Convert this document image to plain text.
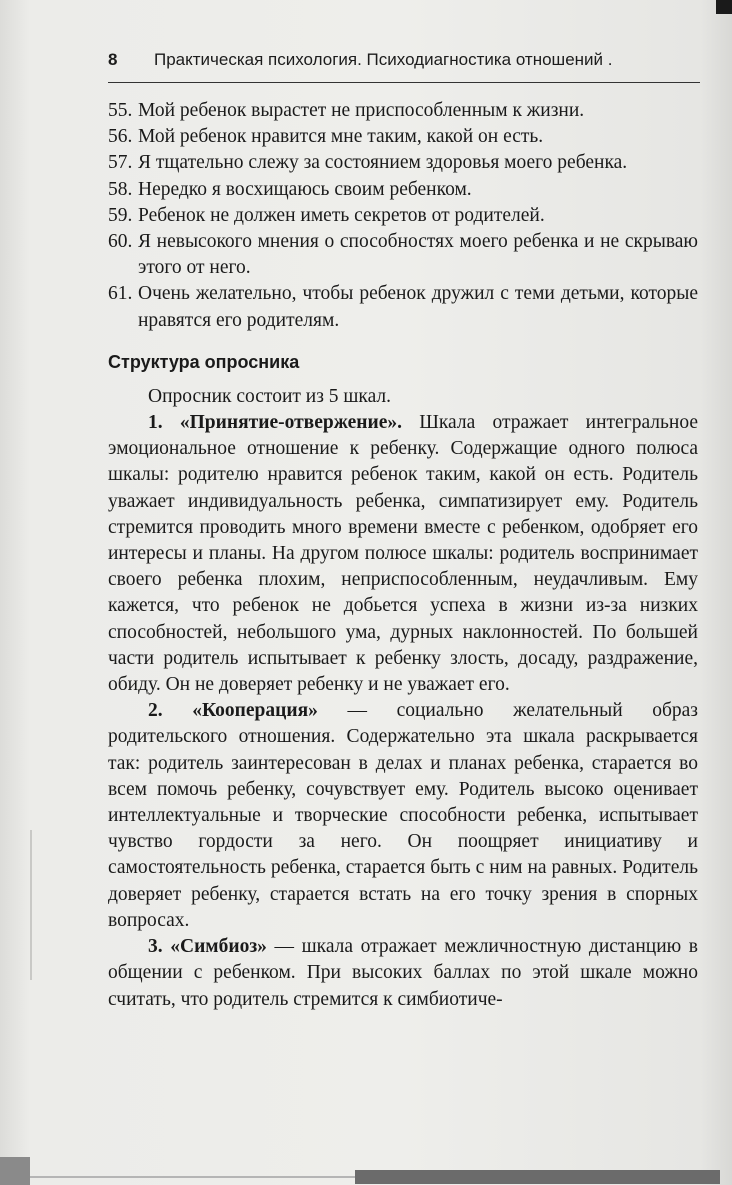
8 Практическая психология. Психодиагностика отношений .
55. Мой ребенок вырастет не приспособленным к жизни.
56. Мой ребенок нравится мне таким, какой он есть.
57. Я тщательно слежу за состоянием здоровья моего ребенка.
58. Нередко я восхищаюсь своим ребенком.
59. Ребенок не должен иметь секретов от родителей.
60. Я невысокого мнения о способностях моего ребенка и не скрываю этого от него.
61. Очень желательно, чтобы ребенок дружил с теми детьми, которые нравятся его родителям.
Структура опросника

Опросник состоит из 5 шкал.

1. «Принятие-отвержение». Шкала отражает интегральное эмоциональное отношение к ребенку. Содержащие одного полюса шкалы: родителю нравится ребенок таким, какой он есть. Родитель уважает индивидуальность ребенка, симпатизирует ему. Родитель стремится проводить много времени вместе с ребенком, одобряет его интересы и планы. На другом полюсе шкалы: родитель воспринимает своего ребенка плохим, неприспособленным, неудачливым. Ему кажется, что ребенок не добьется успеха в жизни из-за низких способностей, небольшого ума, дурных наклонностей. По большей части родитель испытывает к ребенку злость, досаду, раздражение, обиду. Он не доверяет ребенку и не уважает его.

2. «Кооперация» — социально желательный образ родительского отношения. Содержательно эта шкала раскрывается так: родитель заинтересован в делах и планах ребенка, старается во всем помочь ребенку, сочувствует ему. Родитель высоко оценивает интеллектуальные и творческие способности ребенка, испытывает чувство гордости за него. Он поощряет инициативу и самостоятельность ребенка, старается быть с ним на равных. Родитель доверяет ребенку, старается встать на его точку зрения в спорных вопросах.

3. «Симбиоз» — шкала отражает межличностную дистанцию в общении с ребенком. При высоких баллах по этой шкале можно считать, что родитель стремится к симбиотиче-
